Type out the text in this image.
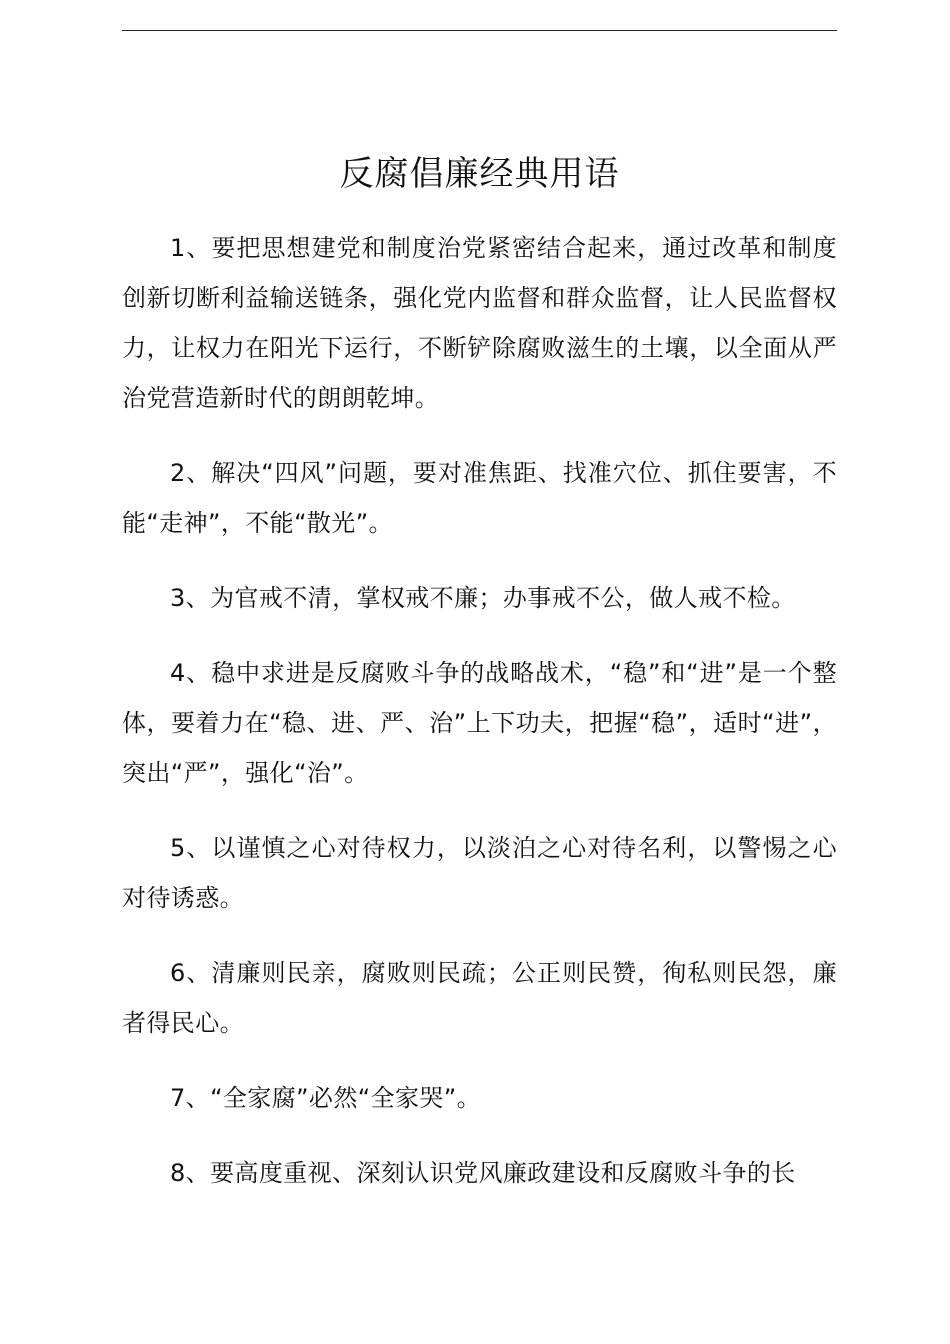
反腐倡廉经典用语

1、要把思想建党和制度治党紧密结合起来，通过改革和制度创新切断利益输送链条，强化党内监督和群众监督，让人民监督权力，让权力在阳光下运行，不断铲除腐败滋生的土壤，以全面从严治党营造新时代的朗朗乾坤。

2、解决“四风”问题，要对准焦距、找准穴位、抓住要害，不能“走神”，不能“散光”。

3、为官戒不清，掌权戒不廉；办事戒不公，做人戒不检。

4、稳中求进是反腐败斗争的战略战术，“稳”和“进”是一个整体，要着力在“稳、进、严、治”上下功夫，把握“稳”，适时“进”，突出“严”，强化“治”。

5、以谨慎之心对待权力，以淡泊之心对待名利，以警惕之心对待诱惑。

6、清廉则民亲，腐败则民疏；公正则民赞，徇私则民怨，廉者得民心。

7、“全家腐”必然“全家哭”。

8、要高度重视、深刻认识党风廉政建设和反腐败斗争的长
